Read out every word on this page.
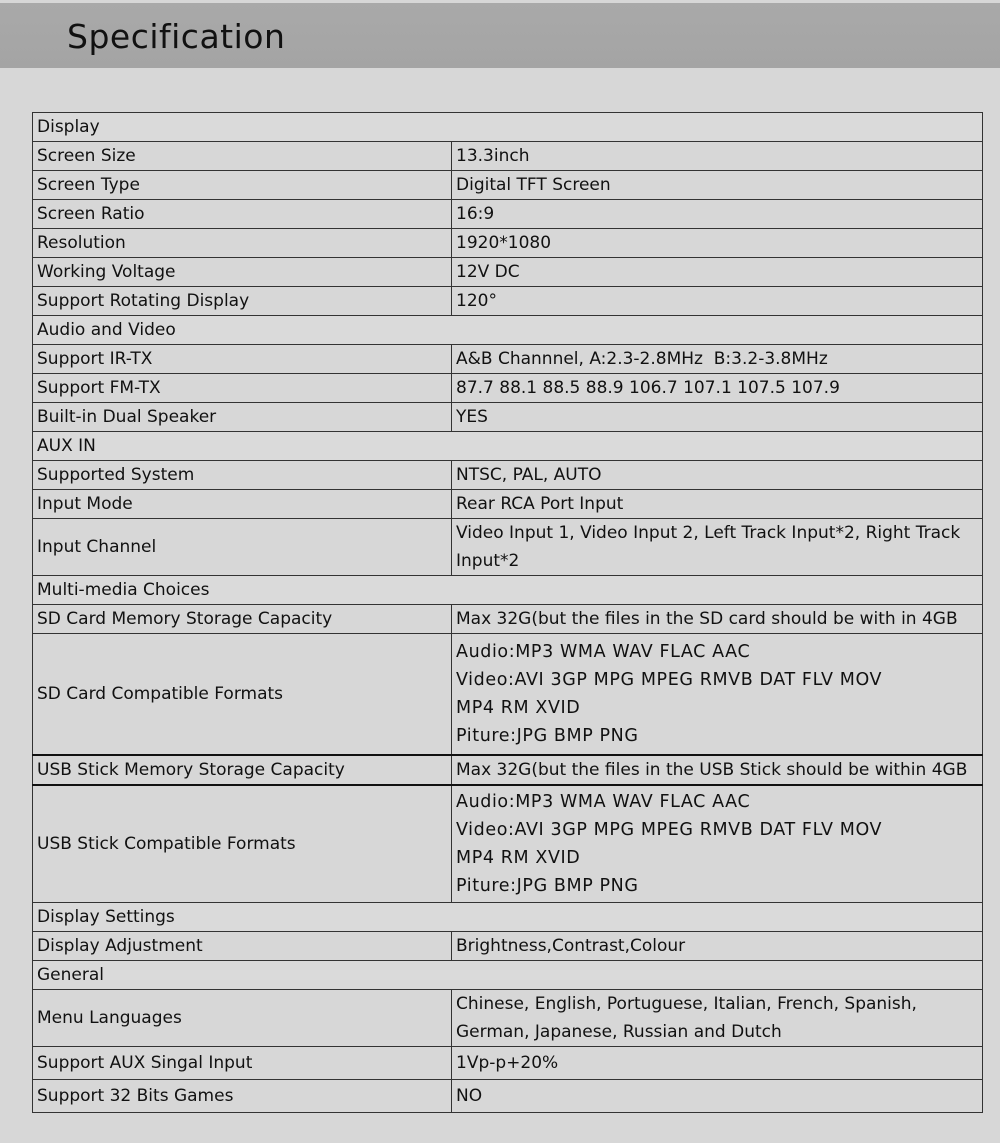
Specification
Display	
Screen Size	13.3inch
Screen Type	Digital TFT Screen
Screen Ratio	16:9
Resolution	1920*1080
Working Voltage	12V DC
Support Rotating Display	120°
Audio and Video	
Support IR-TX	A&B Channnel, A:2.3-2.8MHz  B:3.2-3.8MHz
Support FM-TX	87.7 88.1 88.5 88.9 106.7 107.1 107.5 107.9
Built-in Dual Speaker	YES
AUX IN	
Supported System	NTSC, PAL, AUTO
Input Mode	Rear RCA Port Input
Input Channel	Video Input 1, Video Input 2, Left Track Input*2, Right Track Input*2
Multi-media Choices	
SD Card Memory Storage Capacity	Max 32G(but the files in the SD card should be with in 4GB
SD Card Compatible Formats	Audio:MP3 WMA WAV FLAC AAC
Video:AVI 3GP MPG MPEG RMVB DAT FLV MOV
MP4 RM XVID
Piture:JPG BMP PNG

USB Stick Memory Storage Capacity	Max 32G(but the files in the USB Stick should be within 4GB
USB Stick Compatible Formats	Audio:MP3 WMA WAV FLAC AAC
Video:AVI 3GP MPG MPEG RMVB DAT FLV MOV
MP4 RM XVID
Piture:JPG BMP PNG

Display Settings	
Display Adjustment	Brightness,Contrast,Colour
General	
Menu Languages	Chinese, English, Portuguese, Italian, French, Spanish, German, Japanese, Russian and Dutch
Support AUX Singal Input	1Vp-p+20%
Support 32 Bits Games	NO
